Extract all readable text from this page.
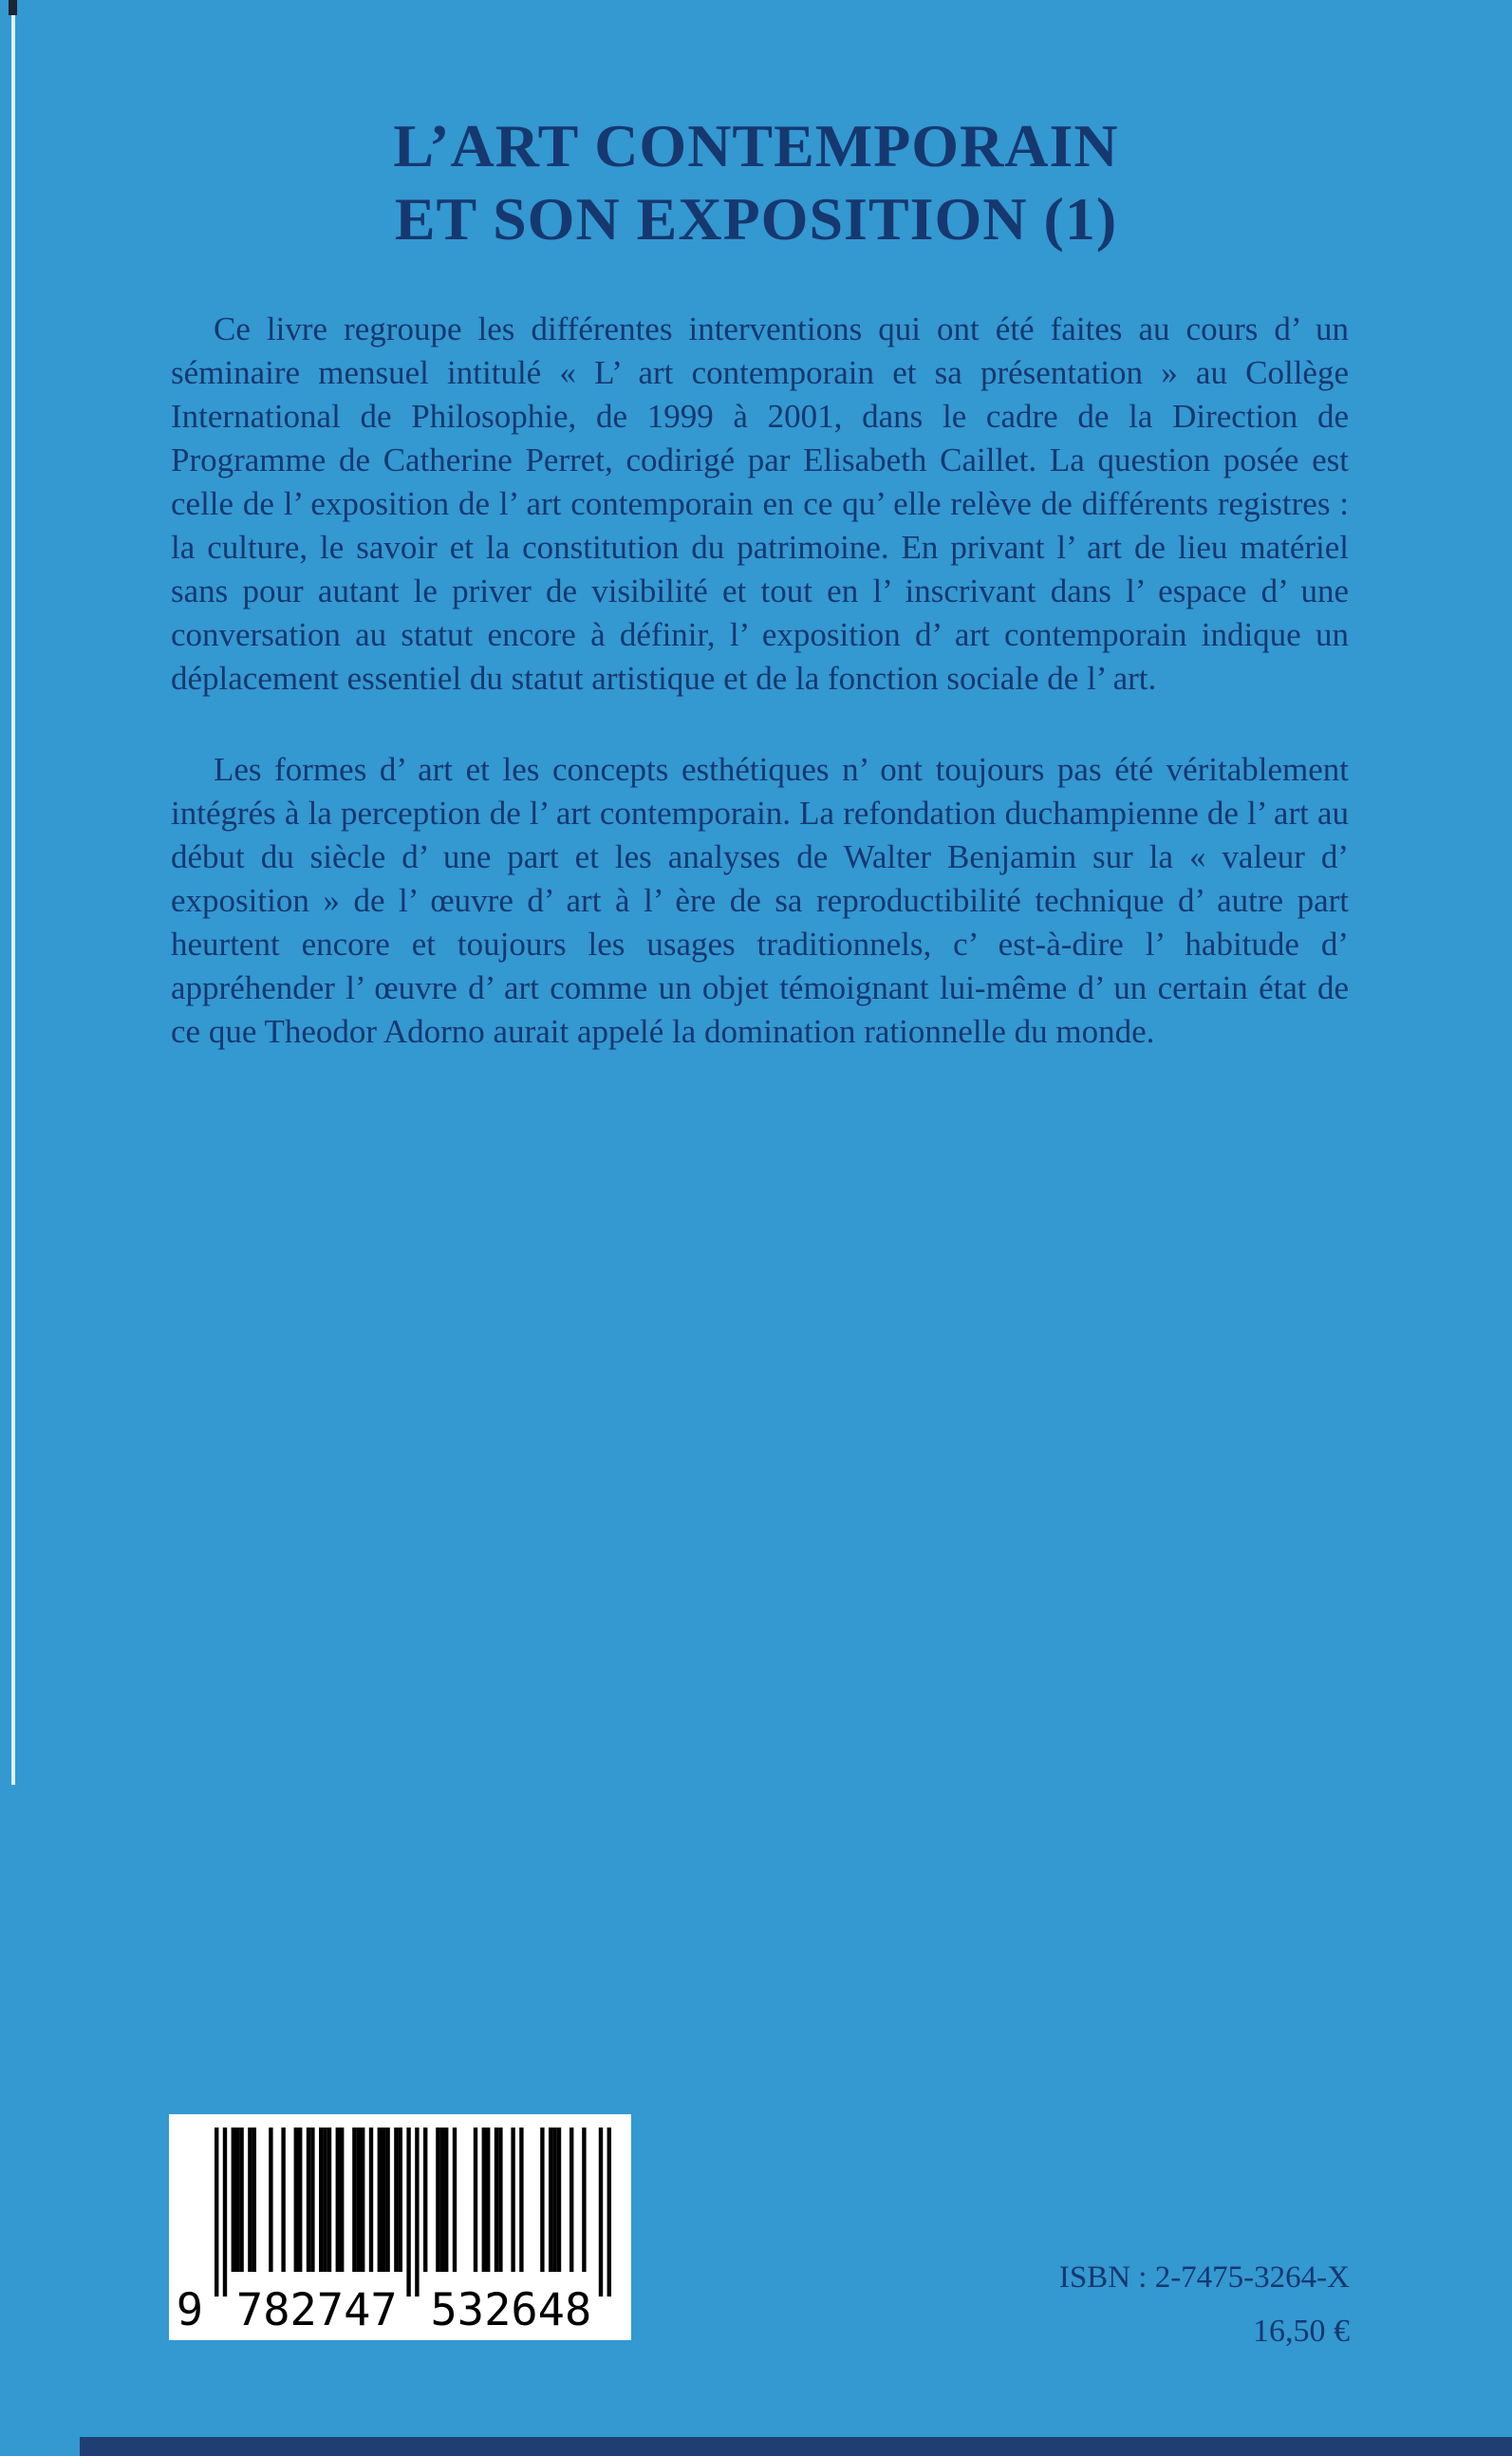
L’ART CONTEMPORAIN
ET SON EXPOSITION (1)

Ce livre regroupe les différentes interventions qui ont été faites au cours d’ un séminaire mensuel intitulé « L’ art contemporain et sa présentation » au Collège International de Philosophie, de 1999 à 2001, dans le cadre de la Direction de Programme de Catherine Perret, codirigé par Elisabeth Caillet. La question posée est celle de l’ exposition de l’ art contemporain en ce qu’ elle relève de différents registres : la culture, le savoir et la constitution du patrimoine. En privant l’ art de lieu matériel sans pour autant le priver de visibilité et tout en l’ inscrivant dans l’ espace d’ une conversation au statut encore à définir, l’ exposition d’ art contemporain indique un déplacement essentiel du statut artistique et de la fonction sociale de l’ art.

Les formes d’ art et les concepts esthétiques n’ ont toujours pas été véritablement intégrés à la perception de l’ art contemporain. La refondation duchampienne de l’ art au début du siècle d’ une part et les analyses de Walter Benjamin sur la « valeur d’ exposition » de l’ œuvre d’ art à l’ ère de sa reproductibilité technique d’ autre part heurtent encore et toujours les usages traditionnels, c’ est-à-dire l’ habitude d’ appréhender l’ œuvre d’ art comme un objet témoignant lui-même d’ un certain état de ce que Theodor Adorno aurait appelé la domination rationnelle du monde.

9 782747 532648
ISBN : 2-7475-3264-X
16,50 €
